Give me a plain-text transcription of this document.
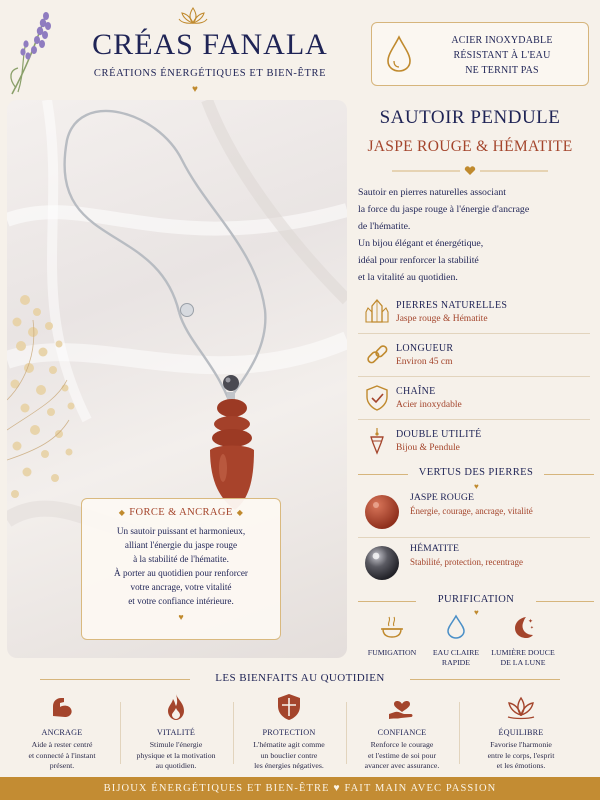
CRÉAS FANALA
CRÉATIONS ÉNERGÉTIQUES ET BIEN-ÊTRE
♥
ACIER INOXYDABLE
RÉSISTANT À L'EAU
NE TERNIT PAS
◆ FORCE & ANCRAGE ◆
Un sautoir puissant et harmonieux,
alliant l'énergie du jaspe rouge
à la stabilité de l'hématite.
À porter au quotidien pour renforcer
votre ancrage, votre vitalité
et votre confiance intérieure.
♥
SAUTOIR PENDULE
JASPE ROUGE & HÉMATITE
Sautoir en pierres naturelles associant
la force du jaspe rouge à l'énergie d'ancrage
de l'hématite.
Un bijou élégant et énergétique,
idéal pour renforcer la stabilité
et la vitalité au quotidien.
PIERRES NATURELLES
Jaspe rouge & Hématite
LONGUEUR
Environ 45 cm
CHAÎNE
Acier inoxydable
DOUBLE UTILITÉ
Bijou & Pendule
VERTUS DES PIERRES
♥
JASPE ROUGE
Énergie, courage, ancrage, vitalité
HÉMATITE
Stabilité, protection, recentrage
PURIFICATION
♥
FUMIGATION	EAU CLAIRE
RAPIDE
✦
✦
LUMIÈRE DOUCE
DE LA LUNE
LES BIENFAITS AU QUOTIDIEN
ANCRAGE
Aide à rester centré
et connecté à l'instant
présent.
VITALITÉ
Stimule l'énergie
physique et la motivation
au quotidien.
PROTECTION
L'hématite agit comme
un bouclier contre
les énergies négatives.
CONFIANCE
Renforce le courage
et l'estime de soi pour
avancer avec assurance.
ÉQUILIBRE
Favorise l'harmonie
entre le corps, l'esprit
et les émotions.
BIJOUX ÉNERGÉTIQUES ET BIEN-ÊTRE ♥ FAIT MAIN AVEC PASSION
